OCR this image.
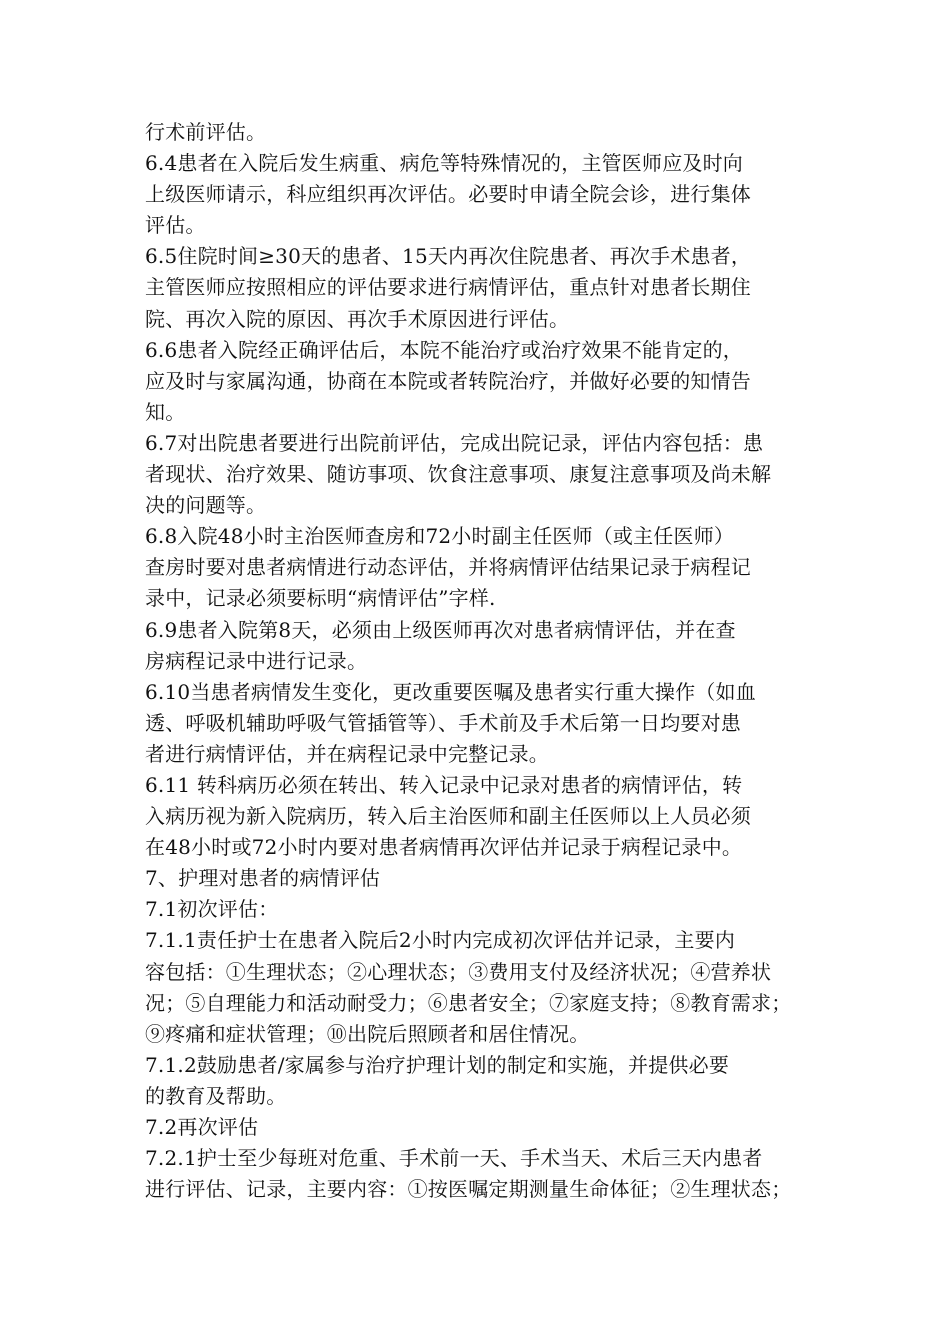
行术前评估。
6.4患者在入院后发生病重、病危等特殊情况的，主管医师应及时向
上级医师请示，科应组织再次评估。必要时申请全院会诊，进行集体
评估。
6.5住院时间≥30天的患者、15天内再次住院患者、再次手术患者，
主管医师应按照相应的评估要求进行病情评估，重点针对患者长期住
院、再次入院的原因、再次手术原因进行评估。
6.6患者入院经正确评估后，本院不能治疗或治疗效果不能肯定的，
应及时与家属沟通，协商在本院或者转院治疗，并做好必要的知情告
知。
6.7对出院患者要进行出院前评估，完成出院记录，评估内容包括：患
者现状、治疗效果、随访事项、饮食注意事项、康复注意事项及尚未解
决的问题等。
6.8入院48小时主治医师查房和72小时副主任医师（或主任医师）
查房时要对患者病情进行动态评估，并将病情评估结果记录于病程记
录中，记录必须要标明“病情评估”字样.
6.9患者入院第8天，必须由上级医师再次对患者病情评估，并在查
房病程记录中进行记录。
6.10当患者病情发生变化，更改重要医嘱及患者实行重大操作（如血
透、呼吸机辅助呼吸气管插管等）、手术前及手术后第一日均要对患
者进行病情评估，并在病程记录中完整记录。
6.11 转科病历必须在转出、转入记录中记录对患者的病情评估，转
入病历视为新入院病历，转入后主治医师和副主任医师以上人员必须
在48小时或72小时内要对患者病情再次评估并记录于病程记录中。
7、护理对患者的病情评估
7.1初次评估：
7.1.1责任护士在患者入院后2小时内完成初次评估并记录，主要内
容包括：①生理状态；②心理状态；③费用支付及经济状况；④营养状
况；⑤自理能力和活动耐受力；⑥患者安全；⑦家庭支持；⑧教育需求；
⑨疼痛和症状管理；⑩出院后照顾者和居住情况。
7.1.2鼓励患者/家属参与治疗护理计划的制定和实施，并提供必要
的教育及帮助。
7.2再次评估
7.2.1护士至少每班对危重、手术前一天、手术当天、术后三天内患者
进行评估、记录，主要内容：①按医嘱定期测量生命体征；②生理状态；
